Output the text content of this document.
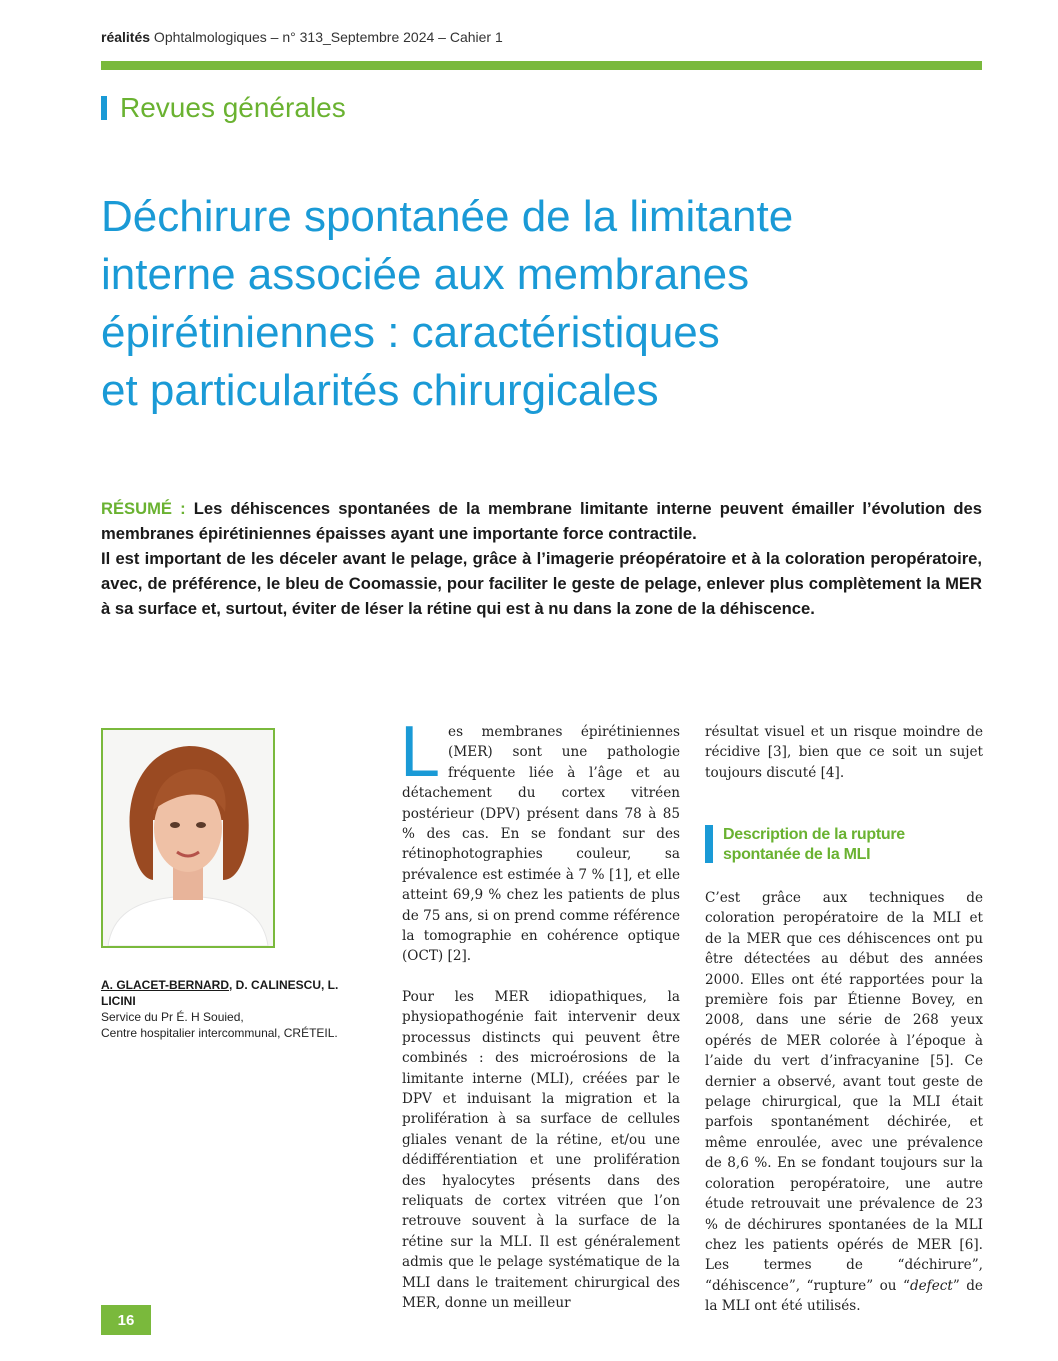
réalités Ophtalmologiques – n° 313_Septembre 2024 – Cahier 1
Revues générales
Déchirure spontanée de la limitante
interne associée aux membranes
épirétiniennes : caractéristiques
et particularités chirurgicales

RÉSUMÉ : Les déhiscences spontanées de la membrane limitante interne peuvent émailler l’évolution des membranes épirétiniennes épaisses ayant une importante force contractile.

Il est important de les déceler avant le pelage, grâce à l’imagerie préopératoire et à la coloration peropératoire, avec, de préférence, le bleu de Coomassie, pour faciliter le geste de pelage, enlever plus complètement la MER à sa surface et, surtout, éviter de léser la rétine qui est à nu dans la zone de la déhiscence.

A. GLACET-BERNARD, D. CALINESCU, L. LICINI
Service du Pr É. H Souied,
Centre hospitalier intercommunal, CRÉTEIL.

Les membranes épirétiniennes (MER) sont une pathologie fréquente liée à l’âge et au détachement du cortex vitréen postérieur (DPV) présent dans 78 à 85 % des cas. En se fondant sur des rétinophotographies couleur, sa prévalence est estimée à 7 % [1], et elle atteint 69,9 % chez les patients de plus de 75 ans, si on prend comme référence la tomographie en cohérence optique (OCT) [2].

Pour les MER idiopathiques, la physiopathogénie fait intervenir deux processus distincts qui peuvent être combinés : des microérosions de la limitante interne (MLI), créées par le DPV et induisant la migration et la prolifération à sa surface de cellules gliales venant de la rétine, et/ou une dédifférentiation et une prolifération des hyalocytes présents dans des reliquats de cortex vitréen que l’on retrouve souvent à la surface de la rétine sur la MLI. Il est généralement admis que le pelage systématique de la MLI dans le traitement chirurgical des MER, donne un meilleur

résultat visuel et un risque moindre de récidive [3], bien que ce soit un sujet toujours discuté [4].

Description de la rupture spontanée de la MLI

C’est grâce aux techniques de coloration peropératoire de la MLI et de la MER que ces déhiscences ont pu être détectées au début des années 2000. Elles ont été rapportées pour la première fois par Étienne Bovey, en 2008, dans une série de 268 yeux opérés de MER colorée à l’époque à l’aide du vert d’infracyanine [5]. Ce dernier a observé, avant tout geste de pelage chirurgical, que la MLI était parfois spontanément déchirée, et même enroulée, avec une prévalence de 8,6 %. En se fondant toujours sur la coloration peropératoire, une autre étude retrouvait une prévalence de 23 % de déchirures spontanées de la MLI chez les patients opérés de MER [6]. Les termes de “déchirure”, “déhiscence”, “rupture” ou “defect” de la MLI ont été utilisés.

16
